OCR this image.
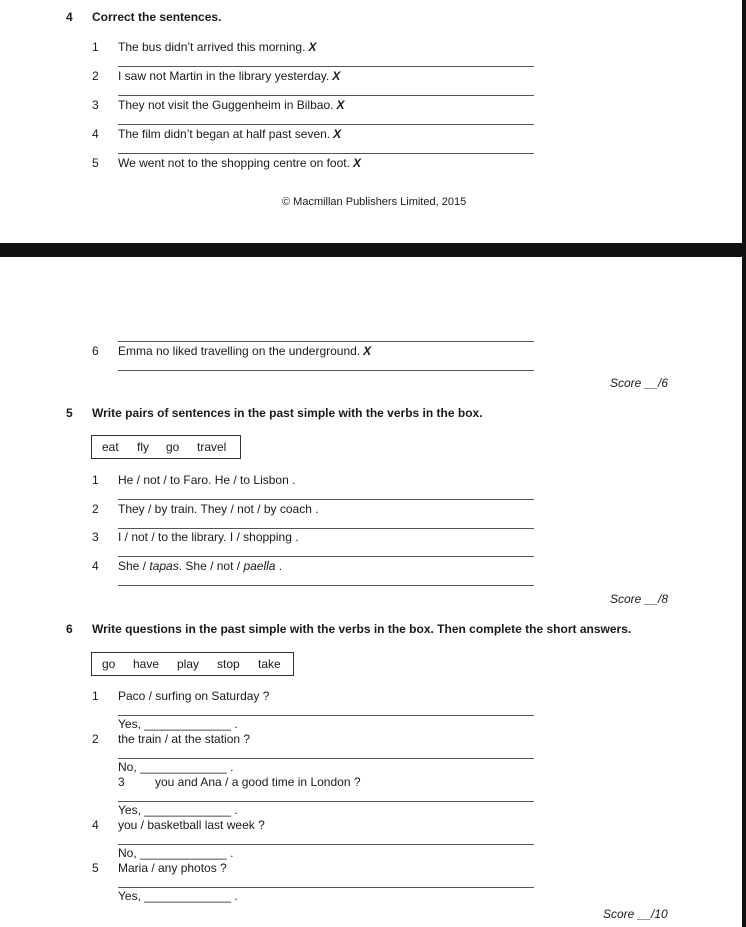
4 Correct the sentences.
1 The bus didn’t arrived this morning. X
2 I saw not Martin in the library yesterday. X
3 They not visit the Guggenheim in Bilbao. X
4 The film didn’t began at half past seven. X
5 We went not to the shopping centre on foot. X
© Macmillan Publishers Limited, 2015
6 Emma no liked travelling on the underground. X
Score __/6
5 Write pairs of sentences in the past simple with the verbs in the box.
eat fly go travel
1 He / not / to Faro. He / to Lisbon .
2 They / by train. They / not / by coach .
3 I / not / to the library. I / shopping .
4 She / tapas. She / not / paella .
Score __/8
6 Write questions in the past simple with the verbs in the box. Then complete the short answers.
go have play stop take
1 Paco / surfing on Saturday ?
Yes, _____________ .
2 the train / at the station ?
No, _____________ .
3	you and Ana / a good time in London ?
Yes, _____________ .
4 you / basketball last week ?
No, _____________ .
5 Maria / any photos ?
Yes, _____________ .
Score __/10
